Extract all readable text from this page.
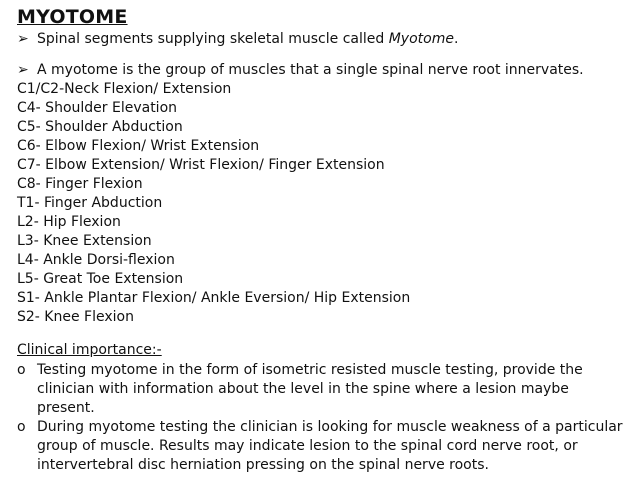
MYOTOME
➢ Spinal segments supplying skeletal muscle called Myotome.
➢ A myotome is the group of muscles that a single spinal nerve root innervates.
C1/C2-Neck Flexion/ Extension
C4- Shoulder Elevation
C5- Shoulder Abduction
C6- Elbow Flexion/ Wrist Extension
C7- Elbow Extension/ Wrist Flexion/ Finger Extension
C8- Finger Flexion
T1- Finger Abduction
L2- Hip Flexion
L3- Knee Extension
L4- Ankle Dorsi-flexion
L5- Great Toe Extension
S1- Ankle Plantar Flexion/ Ankle Eversion/ Hip Extension
S2- Knee Flexion
Clinical importance:-
o Testing myotome in the form of isometric resisted muscle testing, provide the clinician with information about the level in the spine where a lesion maybe present.
o During myotome testing the clinician is looking for muscle weakness of a particular group of muscle. Results may indicate lesion to the spinal cord nerve root, or intervertebral disc herniation pressing on the spinal nerve roots.
